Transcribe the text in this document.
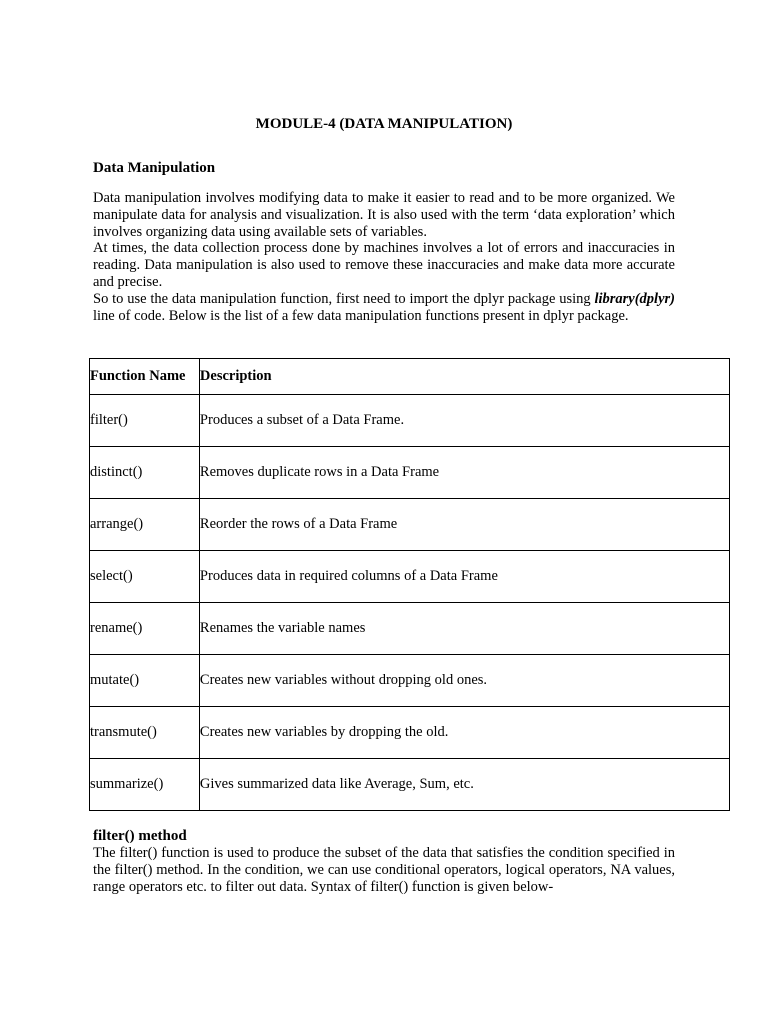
MODULE-4 (DATA MANIPULATION)
Data Manipulation

Data manipulation involves modifying data to make it easier to read and to be more organized. We manipulate data for analysis and visualization. It is also used with the term ‘data exploration’ which involves organizing data using available sets of variables.

At times, the data collection process done by machines involves a lot of errors and inaccuracies in reading. Data manipulation is also used to remove these inaccuracies and make data more accurate and precise.

So to use the data manipulation function, first need to import the dplyr package using library(dplyr) line of code. Below is the list of a few data manipulation functions present in dplyr package.

Function Name	Description
filter()	Produces a subset of a Data Frame.
distinct()	Removes duplicate rows in a Data Frame
arrange()	Reorder the rows of a Data Frame
select()	Produces data in required columns of a Data Frame
rename()	Renames the variable names
mutate()	Creates new variables without dropping old ones.
transmute()	Creates new variables by dropping the old.
summarize()	Gives summarized data like Average, Sum, etc.
filter() method

The filter() function is used to produce the subset of the data that satisfies the condition specified in the filter() method. In the condition, we can use conditional operators, logical operators, NA values, range operators etc. to filter out data. Syntax of filter() function is given below-
